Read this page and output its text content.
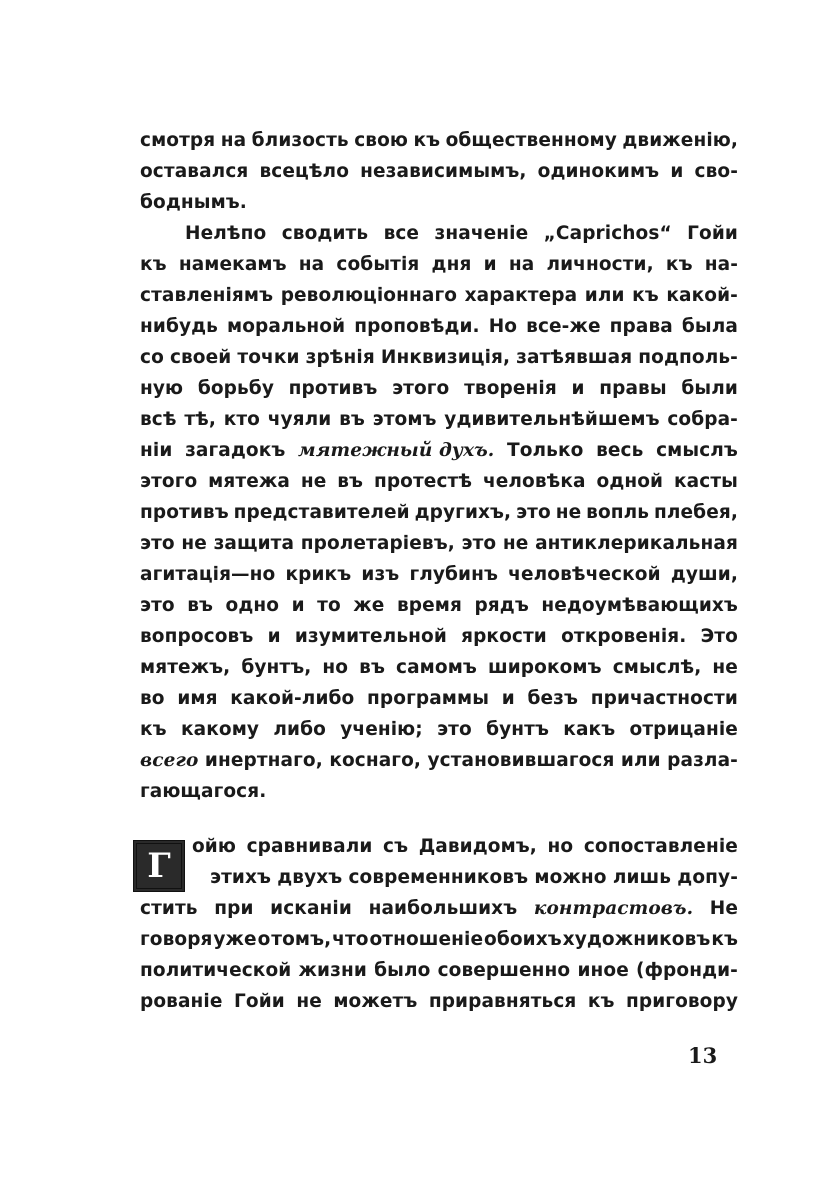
смотря на близость свою къ общественному движенію,
оставался всецѣло независимымъ, одинокимъ и сво-
боднымъ.
Нелѣпо сводить все значеніе „Caprichos“ Гойи
къ намекамъ на событія дня и на личности, къ на-
ставленіямъ революціоннаго характера или къ какой-
нибудь моральной проповѣди. Но все-же права была
со своей точки зрѣнія Инквизиція, затѣявшая подполь-
ную борьбу противъ этого творенія и правы были
всѣ тѣ, кто чуяли въ этомъ удивительнѣйшемъ собра-
ніи загадокъ мятежный духъ. Только весь смыслъ
этого мятежа не въ протестѣ человѣка одной касты
противъ представителей другихъ, это не вопль плебея,
это не защита пролетаріевъ, это не антиклерикальная
агитація—но крикъ изъ глубинъ человѣческой души,
это въ одно и то же время рядъ недоумѣвающихъ
вопросовъ и изумительной яркости откровенія. Это
мятежъ, бунтъ, но въ самомъ широкомъ смыслѣ, не
во имя какой-либо программы и безъ причастности
къ какому либо ученію; это бунтъ какъ отрицаніе
всего инертнаго, коснаго, установившагося или разла-
гающагося.
Г	ойю сравнивали съ Давидомъ, но сопоставленіе
этихъ двухъ современниковъ можно лишь допу-
стить при исканіи наибольшихъ контрастовъ. Не
говоря уже о томъ, что отношеніе обоихъ художниковъ къ
политической жизни было совершенно иное (фронди-
рованіе Гойи не можетъ приравняться къ приговору
13
